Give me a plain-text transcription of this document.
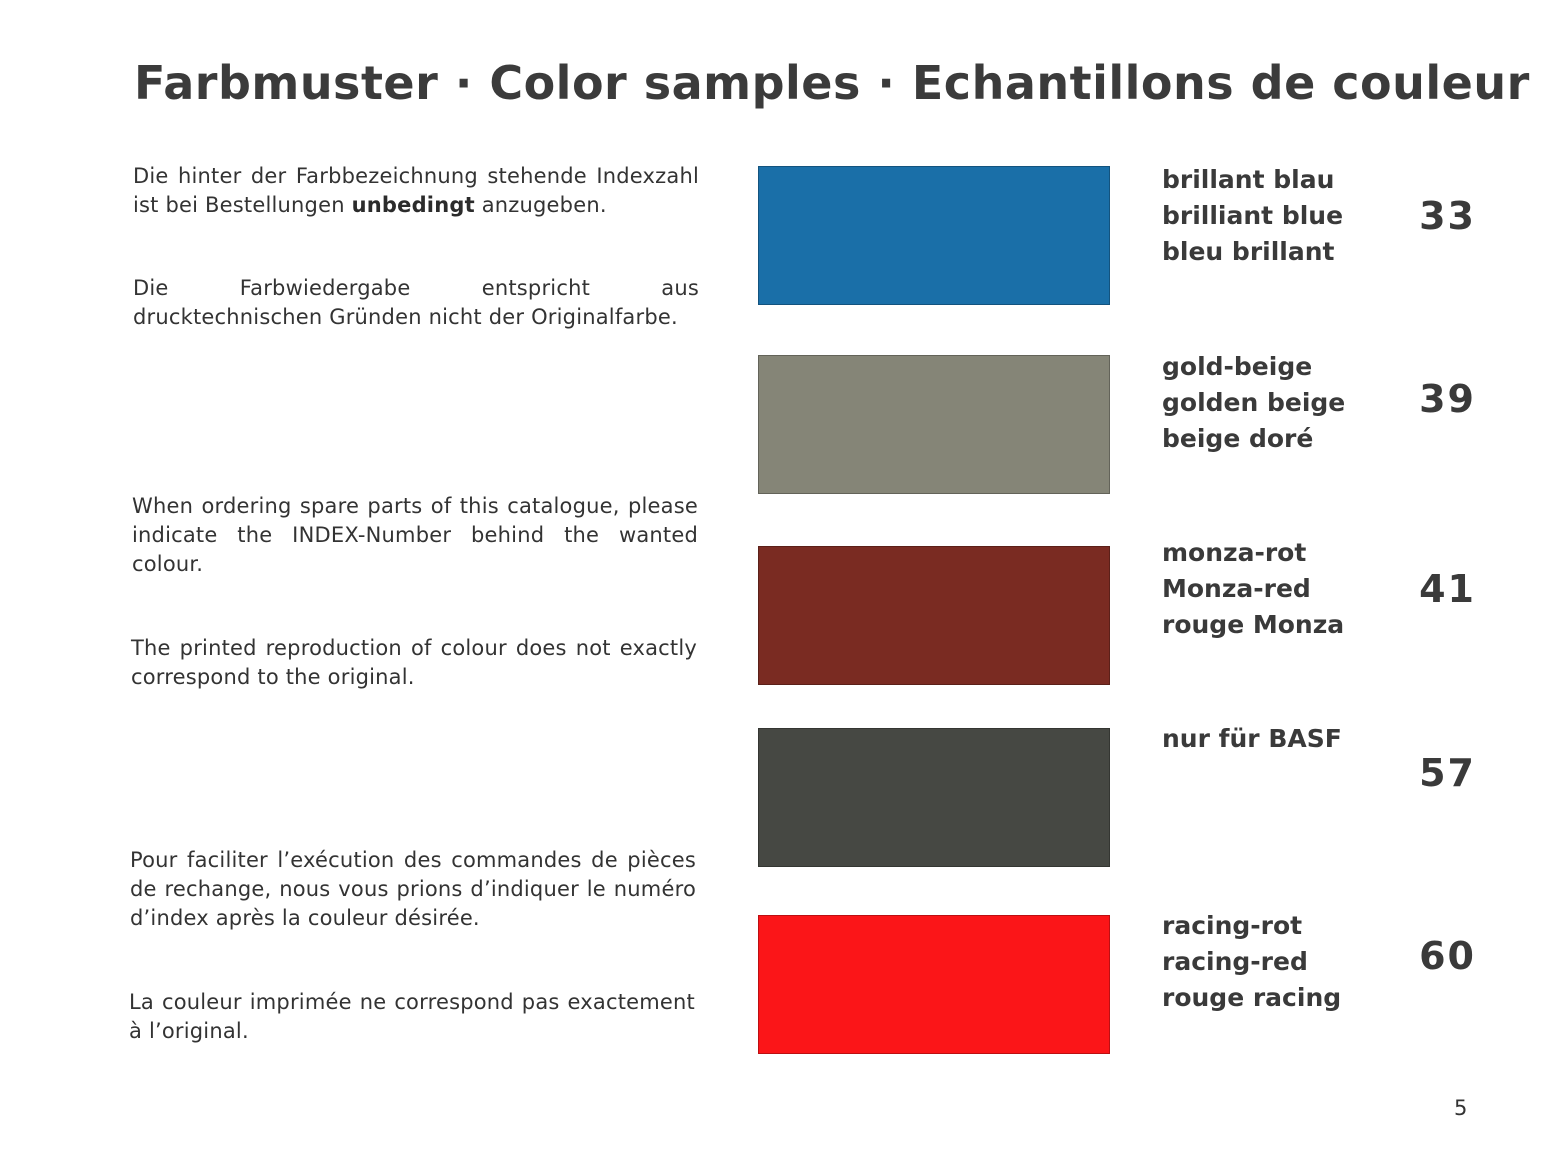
Farbmuster · Color samples · Echantillons de couleur

Die hinter der Farbbezeichnung stehende Indexzahl ist bei Bestellungen unbedingt anzugeben.

Die Farbwiedergabe entspricht aus drucktechnischen Gründen nicht der Originalfarbe.

When ordering spare parts of this catalogue, please indicate the INDEX-Number behind the wanted colour.

The printed reproduction of colour does not exactly correspond to the original.

Pour faciliter l’exécution des commandes de pièces de rechange, nous vous prions d’indiquer le numéro d’index après la couleur désirée.

La couleur imprimée ne correspond pas exactement à l’original.

brillant blau
brilliant blue
bleu brillant
33
gold-beige
golden beige
beige doré
39
monza-rot
Monza-red
rouge Monza
41
nur für BASF
57
racing-rot
racing-red
rouge racing
60
5
